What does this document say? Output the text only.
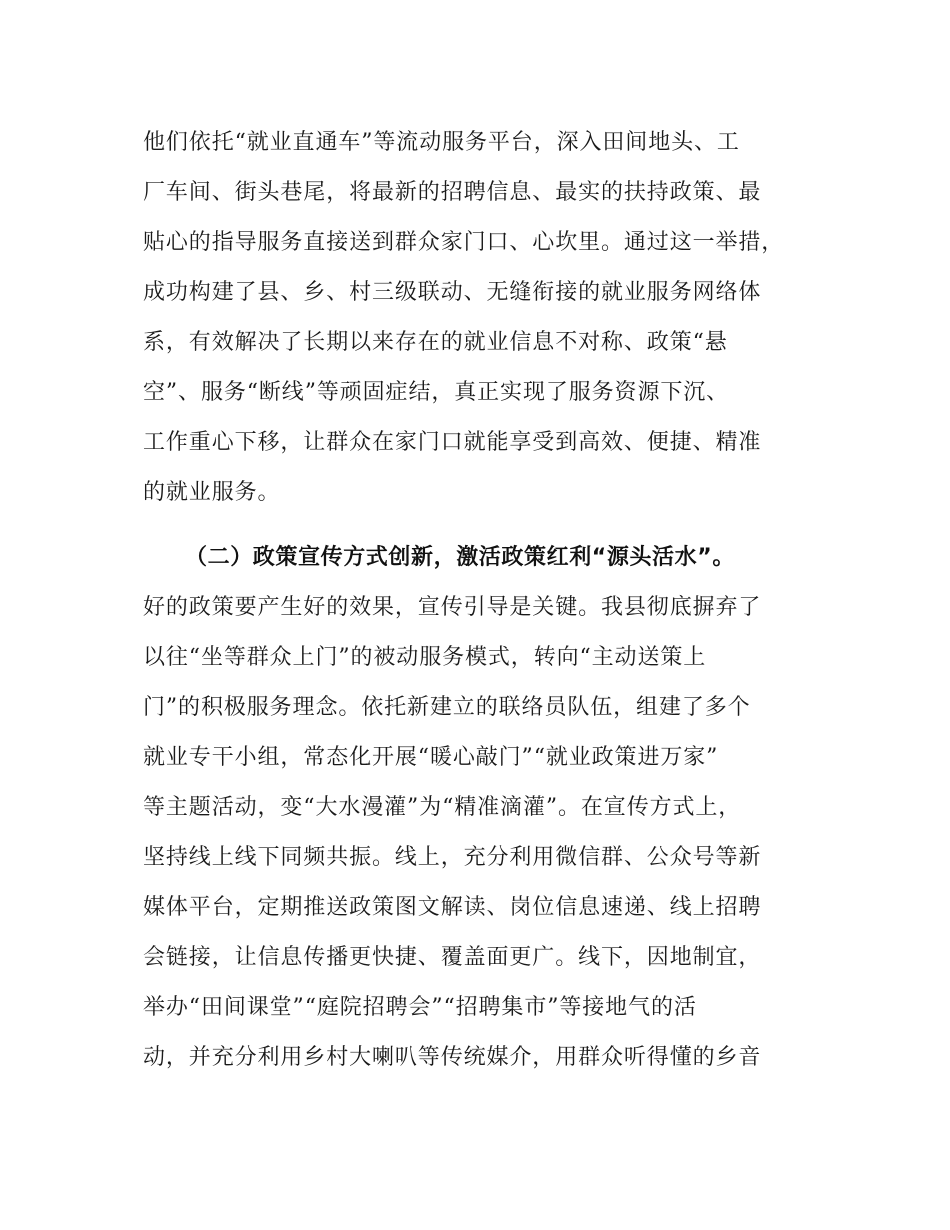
他们依托“就业直通车”等流动服务平台，深入田间地头、工
厂车间、街头巷尾，将最新的招聘信息、最实的扶持政策、最
贴心的指导服务直接送到群众家门口、心坎里。通过这一举措，
成功构建了县、乡、村三级联动、无缝衔接的就业服务网络体
系，有效解决了长期以来存在的就业信息不对称、政策“悬
空”、服务“断线”等顽固症结，真正实现了服务资源下沉、
工作重心下移，让群众在家门口就能享受到高效、便捷、精准
的就业服务。
（二）政策宣传方式创新，激活政策红利“源头活水”。
好的政策要产生好的效果，宣传引导是关键。我县彻底摒弃了
以往“坐等群众上门”的被动服务模式，转向“主动送策上
门”的积极服务理念。依托新建立的联络员队伍，组建了多个
就业专干小组，常态化开展“暖心敲门”“就业政策进万家”
等主题活动，变“大水漫灌”为“精准滴灌”。在宣传方式上，
坚持线上线下同频共振。线上，充分利用微信群、公众号等新
媒体平台，定期推送政策图文解读、岗位信息速递、线上招聘
会链接，让信息传播更快捷、覆盖面更广。线下，因地制宜，
举办“田间课堂”“庭院招聘会”“招聘集市”等接地气的活
动，并充分利用乡村大喇叭等传统媒介，用群众听得懂的乡音
